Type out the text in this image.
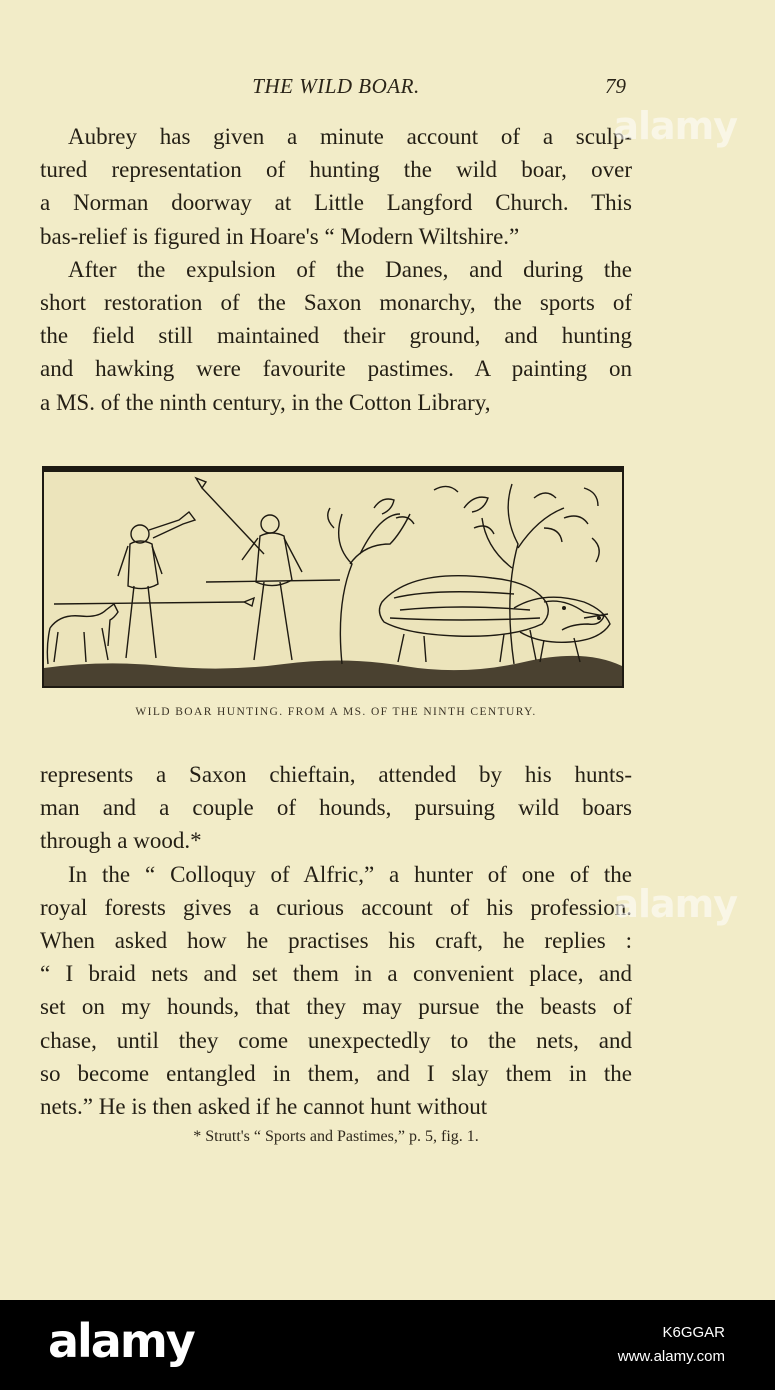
THE WILD BOAR.	79
Aubrey has given a minute account of a sculp-
tured representation of hunting the wild boar, over
a Norman doorway at Little Langford Church. This
bas-relief is figured in Hoare's “ Modern Wiltshire.”
After the expulsion of the Danes, and during the
short restoration of the Saxon monarchy, the sports of
the field still maintained their ground, and hunting
and hawking were favourite pastimes. A painting on
a MS. of the ninth century, in the Cotton Library,
WILD BOAR HUNTING. FROM A MS. OF THE NINTH CENTURY.
represents a Saxon chieftain, attended by his hunts-
man and a couple of hounds, pursuing wild boars
through a wood.*
In the “ Colloquy of Alfric,” a hunter of one of the
royal forests gives a curious account of his profession.
When asked how he practises his craft, he replies :
“ I braid nets and set them in a convenient place, and
set on my hounds, that they may pursue the beasts of
chase, until they come unexpectedly to the nets, and
so become entangled in them, and I slay them in the
nets.” He is then asked if he cannot hunt without
* Strutt's “ Sports and Pastimes,” p. 5, fig. 1.
alamy
alamy
alamy	K6GGAR
www.alamy.com
